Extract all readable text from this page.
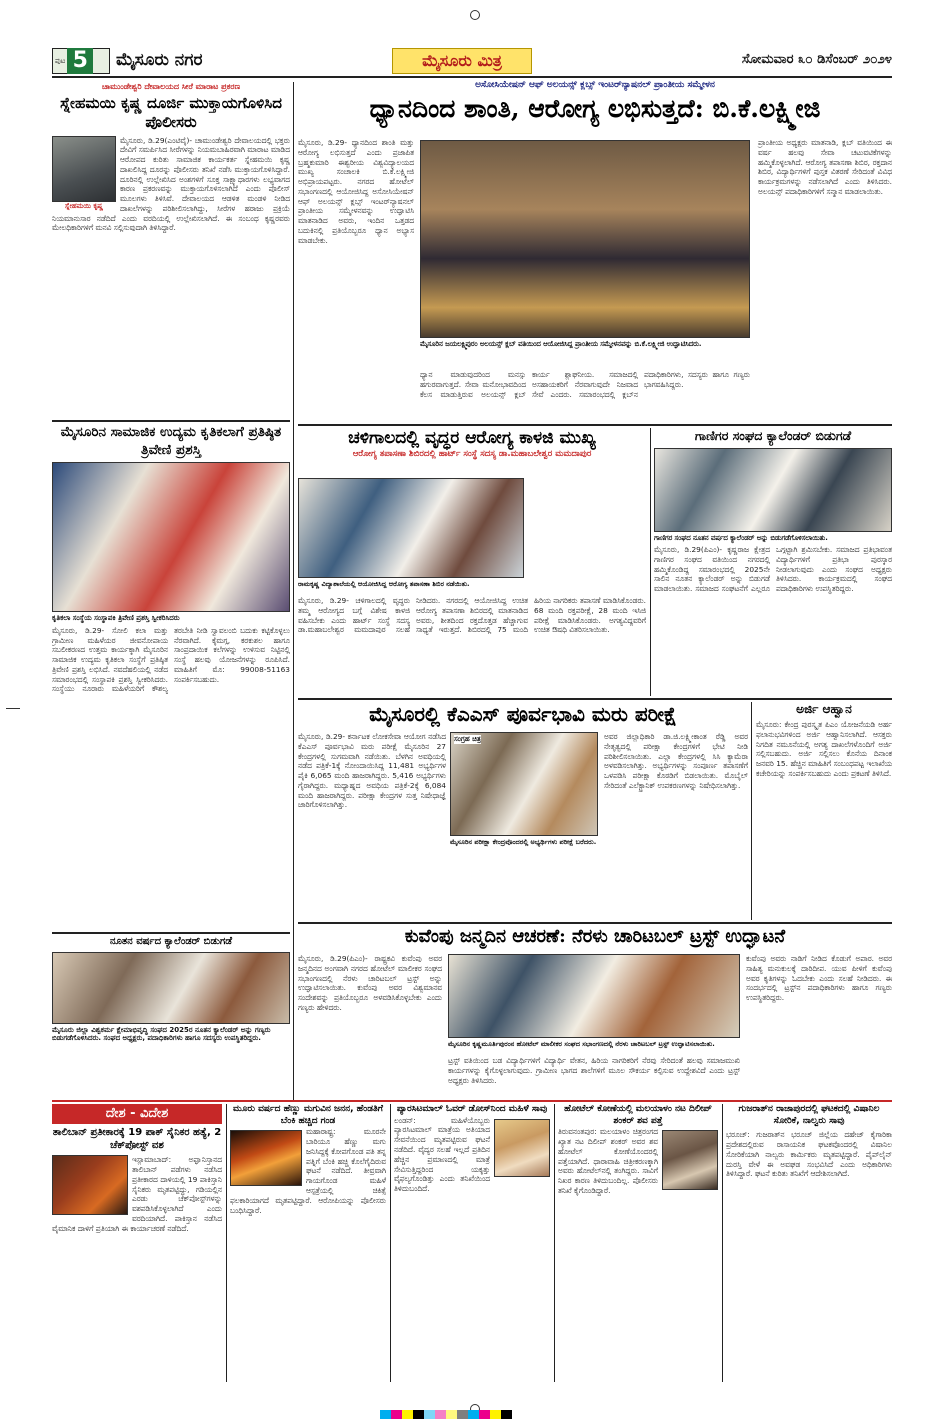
ಪುಟ 5	ಮೈಸೂರು ನಗರ	ಮೈಸೂರು ಮಿತ್ರ	ಸೋಮವಾರ ೩೦ ಡಿಸೆಂಬರ್ ೨೦೨೪
ಚಾಮುಂಡೇಶ್ವರಿ ದೇವಾಲಯದ ಸೀರೆ ಮಾರಾಟ ಪ್ರಕರಣ
ಸ್ನೇಹಮಯಿ ಕೃಷ್ಣ ದೂರ್ಜಿ ಮುಕ್ತಾಯಗೊಳಿಸಿದ ಪೊಲೀಸರು
ಸ್ನೇಹಮಯಿ ಕೃಷ್ಣ
ಮೈಸೂರು, ಡಿ.29(ಎಂಟಿವೈ)- ಚಾಮುಂಡೇಶ್ವರಿ ದೇವಾಲಯದಲ್ಲಿ ಭಕ್ತರು ದೇವಿಗೆ ಸಮರ್ಪಿಸಿದ ಸೀರೆಗಳನ್ನು ನಿಯಮಬಾಹಿರವಾಗಿ ಮಾರಾಟ ಮಾಡಿದ ಆರೋಪದ ಕುರಿತು ಸಾಮಾಜಿಕ ಕಾರ್ಯಕರ್ತ ಸ್ನೇಹಮಯಿ ಕೃಷ್ಣ ದಾಖಲಿಸಿದ್ದ ದೂರನ್ನು ಪೊಲೀಸರು ತನಿಖೆ ನಡೆಸಿ ಮುಕ್ತಾಯಗೊಳಿಸಿದ್ದಾರೆ. ದೂರಿನಲ್ಲಿ ಉಲ್ಲೇಖಿಸಿದ ಅಂಶಗಳಿಗೆ ಸೂಕ್ತ ಸಾಕ್ಷ್ಯಾಧಾರಗಳು ಲಭ್ಯವಾಗದ ಕಾರಣ ಪ್ರಕರಣವನ್ನು ಮುಕ್ತಾಯಗೊಳಿಸಲಾಗಿದೆ ಎಂದು ಪೊಲೀಸ್ ಮೂಲಗಳು ತಿಳಿಸಿವೆ. ದೇವಾಲಯದ ಆಡಳಿತ ಮಂಡಳಿ ನೀಡಿದ ದಾಖಲೆಗಳನ್ನು ಪರಿಶೀಲಿಸಲಾಗಿದ್ದು, ಸೀರೆಗಳ ಹರಾಜು ಪ್ರಕ್ರಿಯೆ ನಿಯಮಾನುಸಾರ ನಡೆದಿದೆ ಎಂದು ವರದಿಯಲ್ಲಿ ಉಲ್ಲೇಖಿಸಲಾಗಿದೆ. ಈ ಸಂಬಂಧ ಕೃಷ್ಣರವರು ಮೇಲಧಿಕಾರಿಗಳಿಗೆ ಮನವಿ ಸಲ್ಲಿಸುವುದಾಗಿ ತಿಳಿಸಿದ್ದಾರೆ.
ಮೈಸೂರಿನ ಸಾಮಾಜಿಕ ಉದ್ಯಮ ಕೃತಿಕಲಾಗೆ ಪ್ರತಿಷ್ಠಿತ ತ್ರಿವೇಣಿ ಪ್ರಶಸ್ತಿ
ಕೃತಿಕಲಾ ಸಂಸ್ಥೆಯ ಸಂಸ್ಥಾಪಕಿ ತ್ರಿವೇಣಿ ಪ್ರಶಸ್ತಿ ಸ್ವೀಕರಿಸಿದರು
ಮೈಸೂರು, ಡಿ.29- ಸೋಲಿ ಕಲಾ ಮತ್ತು ಗ್ರಾಮೀಣ ಮಹಿಳೆಯರ ಜೀವನೋಪಾಯ ಸಬಲೀಕರಣದ ಉತ್ತಮ ಕಾರ್ಯಕ್ಕಾಗಿ ಮೈಸೂರಿನ ಸಾಮಾಜಿಕ ಉದ್ಯಮ ಕೃತಿಕಲಾ ಸಂಸ್ಥೆಗೆ ಪ್ರತಿಷ್ಠಿತ ತ್ರಿವೇಣಿ ಪ್ರಶಸ್ತಿ ಲಭಿಸಿದೆ. ನವದೆಹಲಿಯಲ್ಲಿ ನಡೆದ ಸಮಾರಂಭದಲ್ಲಿ ಸಂಸ್ಥಾಪಕಿ ಪ್ರಶಸ್ತಿ ಸ್ವೀಕರಿಸಿದರು. ಸಂಸ್ಥೆಯು ನೂರಾರು ಮಹಿಳೆಯರಿಗೆ ಕೌಶಲ್ಯ ತರಬೇತಿ ನೀಡಿ ಸ್ವಾವಲಂಬಿ ಬದುಕು ಕಟ್ಟಿಕೊಳ್ಳಲು ನೆರವಾಗಿದೆ. ಕೈಮಗ್ಗ, ಕರಕುಶಲ ಹಾಗೂ ಸಾಂಪ್ರದಾಯಿಕ ಕಲೆಗಳನ್ನು ಉಳಿಸುವ ನಿಟ್ಟಿನಲ್ಲಿ ಸಂಸ್ಥೆ ಹಲವು ಯೋಜನೆಗಳನ್ನು ರೂಪಿಸಿದೆ. ಮಾಹಿತಿಗೆ ಮೊ: 99008-51163 ಸಂಪರ್ಕಿಸಬಹುದು.
ನೂತನ ವರ್ಷದ ಕ್ಯಾಲೆಂಡರ್ ಬಿಡುಗಡೆ
ಮೈಸೂರು ಜಿಲ್ಲಾ ವಿಶ್ವಕರ್ಮ ಕ್ಷೇಮಾಭಿವೃದ್ಧಿ ಸಂಘದ 2025ರ ನೂತನ ಕ್ಯಾಲೆಂಡರ್ ಅನ್ನು ಗಣ್ಯರು ಬಿಡುಗಡೆಗೊಳಿಸಿದರು. ಸಂಘದ ಅಧ್ಯಕ್ಷರು, ಪದಾಧಿಕಾರಿಗಳು ಹಾಗೂ ಸದಸ್ಯರು ಉಪಸ್ಥಿತರಿದ್ದರು.
ಅಸೋಸಿಯೇಷನ್ ಆಫ್ ಅಲಯನ್ಸ್ ಕ್ಲಬ್ಸ್ ಇಂಟರ್‌ನ್ಯಾಷನಲ್ ಪ್ರಾಂತೀಯ ಸಮ್ಮೇಳನ
ಧ್ಯಾನದಿಂದ ಶಾಂತಿ, ಆರೋಗ್ಯ ಲಭಿಸುತ್ತದೆ: ಬಿ.ಕೆ.ಲಕ್ಷ್ಮೀಜಿ
ಮೈಸೂರು, ಡಿ.29- ಧ್ಯಾನದಿಂದ ಶಾಂತಿ ಮತ್ತು ಆರೋಗ್ಯ ಲಭಿಸುತ್ತದೆ ಎಂದು ಪ್ರಜಾಪಿತ ಬ್ರಹ್ಮಕುಮಾರಿ ಈಶ್ವರೀಯ ವಿಶ್ವವಿದ್ಯಾಲಯದ ಮುಖ್ಯ ಸಂಚಾಲಕಿ ಬಿ.ಕೆ.ಲಕ್ಷ್ಮೀಜಿ ಅಭಿಪ್ರಾಯಪಟ್ಟರು. ನಗರದ ಹೋಟೆಲ್ ಸಭಾಂಗಣದಲ್ಲಿ ಆಯೋಜಿಸಿದ್ದ ಅಸೋಸಿಯೇಷನ್ ಆಫ್ ಅಲಯನ್ಸ್ ಕ್ಲಬ್ಸ್ ಇಂಟರ್‌ನ್ಯಾಷನಲ್ ಪ್ರಾಂತೀಯ ಸಮ್ಮೇಳನವನ್ನು ಉದ್ಘಾಟಿಸಿ ಮಾತನಾಡಿದ ಅವರು, ಇಂದಿನ ಒತ್ತಡದ ಬದುಕಿನಲ್ಲಿ ಪ್ರತಿಯೊಬ್ಬರೂ ಧ್ಯಾನ ಅಭ್ಯಾಸ ಮಾಡಬೇಕು.
ಮೈಸೂರಿನ ಜಯಲಕ್ಷ್ಮಿಪುರಂ ಅಲಯನ್ಸ್ ಕ್ಲಬ್ ವತಿಯಿಂದ ಆಯೋಜಿಸಿದ್ದ ಪ್ರಾಂತೀಯ ಸಮ್ಮೇಳನವನ್ನು ಬಿ.ಕೆ.ಲಕ್ಷ್ಮೀಜಿ ಉದ್ಘಾಟಿಸಿದರು.
ಧ್ಯಾನ ಮಾಡುವುದರಿಂದ ಮನಸ್ಸು ಹಗುರವಾಗುತ್ತದೆ. ಸೇವಾ ಮನೋಭಾವದಿಂದ ಕೆಲಸ ಮಾಡುತ್ತಿರುವ ಅಲಯನ್ಸ್ ಕ್ಲಬ್ ಕಾರ್ಯ ಶ್ಲಾಘನೀಯ. ಸಮಾಜದಲ್ಲಿ ಅಸಹಾಯಕರಿಗೆ ನೆರವಾಗುವುದೇ ನಿಜವಾದ ಸೇವೆ ಎಂದರು. ಸಮಾರಂಭದಲ್ಲಿ ಕ್ಲಬ್‌ನ ಪದಾಧಿಕಾರಿಗಳು, ಸದಸ್ಯರು ಹಾಗೂ ಗಣ್ಯರು ಭಾಗವಹಿಸಿದ್ದರು.
ಪ್ರಾಂತೀಯ ಅಧ್ಯಕ್ಷರು ಮಾತನಾಡಿ, ಕ್ಲಬ್ ವತಿಯಿಂದ ಈ ವರ್ಷ ಹಲವು ಸೇವಾ ಚಟುವಟಿಕೆಗಳನ್ನು ಹಮ್ಮಿಕೊಳ್ಳಲಾಗಿದೆ. ಆರೋಗ್ಯ ತಪಾಸಣಾ ಶಿಬಿರ, ರಕ್ತದಾನ ಶಿಬಿರ, ವಿದ್ಯಾರ್ಥಿಗಳಿಗೆ ಪುಸ್ತಕ ವಿತರಣೆ ಸೇರಿದಂತೆ ವಿವಿಧ ಕಾರ್ಯಕ್ರಮಗಳನ್ನು ನಡೆಸಲಾಗಿದೆ ಎಂದು ತಿಳಿಸಿದರು. ಅಲಯನ್ಸ್ ಪದಾಧಿಕಾರಿಗಳಿಗೆ ಸನ್ಮಾನ ಮಾಡಲಾಯಿತು.
ಚಳಿಗಾಲದಲ್ಲಿ ವೃದ್ಧರ ಆರೋಗ್ಯ ಕಾಳಜಿ ಮುಖ್ಯ
ಆರೋಗ್ಯ ತಪಾಸಣಾ ಶಿಬಿರದಲ್ಲಿ ಹಾರ್ಟ್ ಸಂಸ್ಥೆ ಸದಸ್ಯ ಡಾ.ಮಹಾಬಲೇಶ್ವರ ಮಮದಾಪುರ
ರಾಮಕೃಷ್ಣ ವಿದ್ಯಾಶಾಲೆಯಲ್ಲಿ ಆಯೋಜಿಸಿದ್ದ ಆರೋಗ್ಯ ತಪಾಸಣಾ ಶಿಬಿರ ನಡೆಯಿತು.
ಮೈಸೂರು, ಡಿ.29- ಚಳಿಗಾಲದಲ್ಲಿ ವೃದ್ಧರು ತಮ್ಮ ಆರೋಗ್ಯದ ಬಗ್ಗೆ ವಿಶೇಷ ಕಾಳಜಿ ವಹಿಸಬೇಕು ಎಂದು ಹಾರ್ಟ್ ಸಂಸ್ಥೆ ಸದಸ್ಯ ಡಾ.ಮಹಾಬಲೇಶ್ವರ ಮಮದಾಪುರ ಸಲಹೆ ನೀಡಿದರು. ನಗರದಲ್ಲಿ ಆಯೋಜಿಸಿದ್ದ ಉಚಿತ ಆರೋಗ್ಯ ತಪಾಸಣಾ ಶಿಬಿರದಲ್ಲಿ ಮಾತನಾಡಿದ ಅವರು, ಶೀತದಿಂದ ರಕ್ತದೊತ್ತಡ ಹೆಚ್ಚಾಗುವ ಸಾಧ್ಯತೆ ಇರುತ್ತದೆ. ಶಿಬಿರದಲ್ಲಿ 75 ಮಂದಿ ಹಿರಿಯ ನಾಗರಿಕರು ತಪಾಸಣೆ ಮಾಡಿಸಿಕೊಂಡರು. 68 ಮಂದಿ ರಕ್ತಪರೀಕ್ಷೆ, 28 ಮಂದಿ ಇಸಿಜಿ ಪರೀಕ್ಷೆ ಮಾಡಿಸಿಕೊಂಡರು. ಅಗತ್ಯವಿದ್ದವರಿಗೆ ಉಚಿತ ಔಷಧಿ ವಿತರಿಸಲಾಯಿತು.
ಗಾಣಿಗರ ಸಂಘದ ಕ್ಯಾಲೆಂಡರ್ ಬಿಡುಗಡೆ
ಗಾಣಿಗರ ಸಂಘದ ನೂತನ ವರ್ಷದ ಕ್ಯಾಲೆಂಡರ್ ಅನ್ನು ಬಿಡುಗಡೆಗೊಳಿಸಲಾಯಿತು.
ಮೈಸೂರು, ಡಿ.29(ಪಿಎಂ)- ಕೃಷ್ಣರಾಜ ಕ್ಷೇತ್ರದ ಗಾಣಿಗರ ಸಂಘದ ವತಿಯಿಂದ ನಗರದಲ್ಲಿ ಹಮ್ಮಿಕೊಂಡಿದ್ದ ಸಮಾರಂಭದಲ್ಲಿ 2025ನೇ ಸಾಲಿನ ನೂತನ ಕ್ಯಾಲೆಂಡರ್ ಅನ್ನು ಬಿಡುಗಡೆ ಮಾಡಲಾಯಿತು. ಸಮಾಜದ ಸಂಘಟನೆಗೆ ಎಲ್ಲರೂ ಒಗ್ಗಟ್ಟಾಗಿ ಶ್ರಮಿಸಬೇಕು. ಸಮಾಜದ ಪ್ರತಿಭಾವಂತ ವಿದ್ಯಾರ್ಥಿಗಳಿಗೆ ಪ್ರತಿಭಾ ಪುರಸ್ಕಾರ ನೀಡಲಾಗುವುದು ಎಂದು ಸಂಘದ ಅಧ್ಯಕ್ಷರು ತಿಳಿಸಿದರು. ಕಾರ್ಯಕ್ರಮದಲ್ಲಿ ಸಂಘದ ಪದಾಧಿಕಾರಿಗಳು ಉಪಸ್ಥಿತರಿದ್ದರು.
ಮೈಸೂರಲ್ಲಿ ಕೆಎಎಸ್ ಪೂರ್ವಭಾವಿ ಮರು ಪರೀಕ್ಷೆ
ಮೈಸೂರು, ಡಿ.29- ಕರ್ನಾಟಕ ಲೋಕಸೇವಾ ಆಯೋಗ ನಡೆಸಿದ ಕೆಎಎಸ್ ಪೂರ್ವಭಾವಿ ಮರು ಪರೀಕ್ಷೆ ಮೈಸೂರಿನ 27 ಕೇಂದ್ರಗಳಲ್ಲಿ ಸುಗಮವಾಗಿ ನಡೆಯಿತು. ಬೆಳಗಿನ ಅವಧಿಯಲ್ಲಿ ನಡೆದ ಪತ್ರಿಕೆ-1ಕ್ಕೆ ನೋಂದಾಯಿಸಿದ್ದ 11,481 ಅಭ್ಯರ್ಥಿಗಳ ಪೈಕಿ 6,065 ಮಂದಿ ಹಾಜರಾಗಿದ್ದರು. 5,416 ಅಭ್ಯರ್ಥಿಗಳು ಗೈರಾಗಿದ್ದರು. ಮಧ್ಯಾಹ್ನದ ಅವಧಿಯ ಪತ್ರಿಕೆ-2ಕ್ಕೆ 6,084 ಮಂದಿ ಹಾಜರಾಗಿದ್ದರು. ಪರೀಕ್ಷಾ ಕೇಂದ್ರಗಳ ಸುತ್ತ ನಿಷೇಧಾಜ್ಞೆ ಜಾರಿಗೊಳಿಸಲಾಗಿತ್ತು.
ಸಂಗ್ರಹ ಚಿತ್ರ
ಮೈಸೂರಿನ ಪರೀಕ್ಷಾ ಕೇಂದ್ರವೊಂದರಲ್ಲಿ ಅಭ್ಯರ್ಥಿಗಳು ಪರೀಕ್ಷೆ ಬರೆದರು.
ಅವರ ಜಿಲ್ಲಾಧಿಕಾರಿ ಡಾ.ಜಿ.ಲಕ್ಷ್ಮೀಕಾಂತ ರೆಡ್ಡಿ ಅವರ ನೇತೃತ್ವದಲ್ಲಿ ಪರೀಕ್ಷಾ ಕೇಂದ್ರಗಳಿಗೆ ಭೇಟಿ ನೀಡಿ ಪರಿಶೀಲಿಸಲಾಯಿತು. ಎಲ್ಲಾ ಕೇಂದ್ರಗಳಲ್ಲಿ ಸಿಸಿ ಕ್ಯಾಮೆರಾ ಅಳವಡಿಸಲಾಗಿತ್ತು. ಅಭ್ಯರ್ಥಿಗಳನ್ನು ಸಂಪೂರ್ಣ ತಪಾಸಣೆಗೆ ಒಳಪಡಿಸಿ ಪರೀಕ್ಷಾ ಕೊಠಡಿಗೆ ಬಿಡಲಾಯಿತು. ಮೊಬೈಲ್ ಸೇರಿದಂತೆ ಎಲೆಕ್ಟ್ರಾನಿಕ್ ಉಪಕರಣಗಳನ್ನು ನಿಷೇಧಿಸಲಾಗಿತ್ತು.
ಅರ್ಜಿ ಆಹ್ವಾನ
ಮೈಸೂರು: ಕೇಂದ್ರ ಪುರಸ್ಕೃತ ಪಿಎಂ ಯೋಜನೆಯಡಿ ಅರ್ಹ ಫಲಾನುಭವಿಗಳಿಂದ ಅರ್ಜಿ ಆಹ್ವಾನಿಸಲಾಗಿದೆ. ಆಸಕ್ತರು ನಿಗದಿತ ನಮೂನೆಯಲ್ಲಿ ಅಗತ್ಯ ದಾಖಲೆಗಳೊಂದಿಗೆ ಅರ್ಜಿ ಸಲ್ಲಿಸಬಹುದು. ಅರ್ಜಿ ಸಲ್ಲಿಸಲು ಕೊನೆಯ ದಿನಾಂಕ ಜನವರಿ 15. ಹೆಚ್ಚಿನ ಮಾಹಿತಿಗೆ ಸಂಬಂಧಪಟ್ಟ ಇಲಾಖೆಯ ಕಚೇರಿಯನ್ನು ಸಂಪರ್ಕಿಸಬಹುದು ಎಂದು ಪ್ರಕಟಣೆ ತಿಳಿಸಿದೆ.
ಕುವೆಂಪು ಜನ್ಮದಿನ ಆಚರಣೆ: ನೆರಳು ಚಾರಿಟಬಲ್ ಟ್ರಸ್ಟ್ ಉದ್ಘಾಟನೆ
ಮೈಸೂರು, ಡಿ.29(ಪಿಎಂ)- ರಾಷ್ಟ್ರಕವಿ ಕುವೆಂಪು ಅವರ ಜನ್ಮದಿನದ ಅಂಗವಾಗಿ ನಗರದ ಹೋಟೆಲ್ ಮಾಲೀಕರ ಸಂಘದ ಸಭಾಂಗಣದಲ್ಲಿ ನೆರಳು ಚಾರಿಟಬಲ್ ಟ್ರಸ್ಟ್ ಅನ್ನು ಉದ್ಘಾಟಿಸಲಾಯಿತು. ಕುವೆಂಪು ಅವರ ವಿಶ್ವಮಾನವ ಸಂದೇಶವನ್ನು ಪ್ರತಿಯೊಬ್ಬರೂ ಅಳವಡಿಸಿಕೊಳ್ಳಬೇಕು ಎಂದು ಗಣ್ಯರು ಹೇಳಿದರು.
ಮೈಸೂರಿನ ಕೃಷ್ಣಮೂರ್ತಿಪುರಂನ ಹೋಟೆಲ್ ಮಾಲೀಕರ ಸಂಘದ ಸಭಾಂಗಣದಲ್ಲಿ ನೆರಳು ಚಾರಿಟಬಲ್ ಟ್ರಸ್ಟ್ ಉದ್ಘಾಟಿಸಲಾಯಿತು.
ಟ್ರಸ್ಟ್ ವತಿಯಿಂದ ಬಡ ವಿದ್ಯಾರ್ಥಿಗಳಿಗೆ ವಿದ್ಯಾರ್ಥಿ ವೇತನ, ಹಿರಿಯ ನಾಗರಿಕರಿಗೆ ನೆರವು ಸೇರಿದಂತೆ ಹಲವು ಸಮಾಜಮುಖಿ ಕಾರ್ಯಗಳನ್ನು ಕೈಗೊಳ್ಳಲಾಗುವುದು. ಗ್ರಾಮೀಣ ಭಾಗದ ಶಾಲೆಗಳಿಗೆ ಮೂಲ ಸೌಕರ್ಯ ಕಲ್ಪಿಸುವ ಉದ್ದೇಶವಿದೆ ಎಂದು ಟ್ರಸ್ಟ್ ಅಧ್ಯಕ್ಷರು ತಿಳಿಸಿದರು.
ಕುವೆಂಪು ಅವರು ನಾಡಿಗೆ ನೀಡಿದ ಕೊಡುಗೆ ಅಪಾರ. ಅವರ ಸಾಹಿತ್ಯ ಮನುಕುಲಕ್ಕೆ ದಾರಿದೀಪ. ಯುವ ಪೀಳಿಗೆ ಕುವೆಂಪು ಅವರ ಕೃತಿಗಳನ್ನು ಓದಬೇಕು ಎಂದು ಸಲಹೆ ನೀಡಿದರು. ಈ ಸಂದರ್ಭದಲ್ಲಿ ಟ್ರಸ್ಟ್‌ನ ಪದಾಧಿಕಾರಿಗಳು ಹಾಗೂ ಗಣ್ಯರು ಉಪಸ್ಥಿತರಿದ್ದರು.
ದೇಶ - ವಿದೇಶ
ತಾಲಿಬಾನ್ ಪ್ರತೀಕಾರಕ್ಕೆ 19 ಪಾಕ್ ಸೈನಿಕರ ಹತ್ಯೆ, 2 ಚೆಕ್‌ಪೋಸ್ಟ್ ವಶ
ಇಸ್ಲಾಮಾಬಾದ್: ಅಫ್ಘಾನಿಸ್ತಾನದ ತಾಲಿಬಾನ್ ಪಡೆಗಳು ನಡೆಸಿದ ಪ್ರತೀಕಾರದ ದಾಳಿಯಲ್ಲಿ 19 ಪಾಕಿಸ್ತಾನಿ ಸೈನಿಕರು ಮೃತಪಟ್ಟಿದ್ದು, ಗಡಿಯಲ್ಲಿನ ಎರಡು ಚೆಕ್‌ಪೋಸ್ಟ್‌ಗಳನ್ನು ವಶಪಡಿಸಿಕೊಳ್ಳಲಾಗಿದೆ ಎಂದು ವರದಿಯಾಗಿದೆ. ಪಾಕಿಸ್ತಾನ ನಡೆಸಿದ ವೈಮಾನಿಕ ದಾಳಿಗೆ ಪ್ರತಿಯಾಗಿ ಈ ಕಾರ್ಯಾಚರಣೆ ನಡೆದಿದೆ.
ಮೂರು ವರ್ಷದ ಹೆಣ್ಣು ಮಗುವಿನ ಜನನ, ಹೆಂಡತಿಗೆ ಬೆಂಕಿ ಹಚ್ಚಿದ ಗಂಡ
ಮಹಾರಾಷ್ಟ್ರ: ಮೂರನೇ ಬಾರಿಯೂ ಹೆಣ್ಣು ಮಗು ಜನಿಸಿದ್ದಕ್ಕೆ ಕೋಪಗೊಂಡ ಪತಿ ತನ್ನ ಪತ್ನಿಗೆ ಬೆಂಕಿ ಹಚ್ಚಿ ಕೊಲೆಗೈದಿರುವ ಘಟನೆ ನಡೆದಿದೆ. ತೀವ್ರವಾಗಿ ಗಾಯಗೊಂಡ ಮಹಿಳೆ ಆಸ್ಪತ್ರೆಯಲ್ಲಿ ಚಿಕಿತ್ಸೆ ಫಲಕಾರಿಯಾಗದೆ ಮೃತಪಟ್ಟಿದ್ದಾರೆ. ಆರೋಪಿಯನ್ನು ಪೊಲೀಸರು ಬಂಧಿಸಿದ್ದಾರೆ.
ಪ್ಯಾರಸಿಟಮಾಲ್ ಓವರ್ ಡೋಸ್‌ನಿಂದ ಮಹಿಳೆ ಸಾವು
ಲಂಡನ್: ಮಹಿಳೆಯೊಬ್ಬರು ಪ್ಯಾರಸಿಟಮಾಲ್ ಮಾತ್ರೆಯ ಅತಿಯಾದ ಸೇವನೆಯಿಂದ ಮೃತಪಟ್ಟಿರುವ ಘಟನೆ ನಡೆದಿದೆ. ವೈದ್ಯರ ಸಲಹೆ ಇಲ್ಲದೆ ಪ್ರತಿದಿನ ಹೆಚ್ಚಿನ ಪ್ರಮಾಣದಲ್ಲಿ ಮಾತ್ರೆ ಸೇವಿಸುತ್ತಿದ್ದರಿಂದ ಯಕೃತ್ತು ವೈಫಲ್ಯಗೊಂಡಿತ್ತು ಎಂದು ತನಿಖೆಯಿಂದ ತಿಳಿದುಬಂದಿದೆ.
ಹೋಟೆಲ್ ಕೋಣೆಯಲ್ಲಿ ಮಲಯಾಳಂ ನಟ ದಿಲೀಪ್ ಶಂಕರ್ ಶವ ಪತ್ತೆ
ತಿರುವನಂತಪುರ: ಮಲಯಾಳಂ ಚಿತ್ರರಂಗದ ಖ್ಯಾತ ನಟ ದಿಲೀಪ್ ಶಂಕರ್ ಅವರ ಶವ ಹೋಟೆಲ್ ಕೋಣೆಯೊಂದರಲ್ಲಿ ಪತ್ತೆಯಾಗಿದೆ. ಧಾರಾವಾಹಿ ಚಿತ್ರೀಕರಣಕ್ಕಾಗಿ ಅವರು ಹೋಟೆಲ್‌ನಲ್ಲಿ ತಂಗಿದ್ದರು. ಸಾವಿಗೆ ನಿಖರ ಕಾರಣ ತಿಳಿದುಬಂದಿಲ್ಲ. ಪೊಲೀಸರು ತನಿಖೆ ಕೈಗೊಂಡಿದ್ದಾರೆ.
ಗುಜರಾತ್‌ನ ರಾಜಾಪುರದಲ್ಲಿ ಘಟಕದಲ್ಲಿ ವಿಷಾನಿಲ ಸೋರಿಕೆ, ನಾಲ್ವರು ಸಾವು
ಭರೂಚ್: ಗುಜರಾತ್‌ನ ಭರೂಚ್ ಜಿಲ್ಲೆಯ ದಹೇಜ್ ಕೈಗಾರಿಕಾ ಪ್ರದೇಶದಲ್ಲಿರುವ ರಾಸಾಯನಿಕ ಘಟಕವೊಂದರಲ್ಲಿ ವಿಷಾನಿಲ ಸೋರಿಕೆಯಾಗಿ ನಾಲ್ವರು ಕಾರ್ಮಿಕರು ಮೃತಪಟ್ಟಿದ್ದಾರೆ. ಪೈಪ್‌ಲೈನ್ ದುರಸ್ತಿ ವೇಳೆ ಈ ಅವಘಡ ಸಂಭವಿಸಿದೆ ಎಂದು ಅಧಿಕಾರಿಗಳು ತಿಳಿಸಿದ್ದಾರೆ. ಘಟನೆ ಕುರಿತು ತನಿಖೆಗೆ ಆದೇಶಿಸಲಾಗಿದೆ.
